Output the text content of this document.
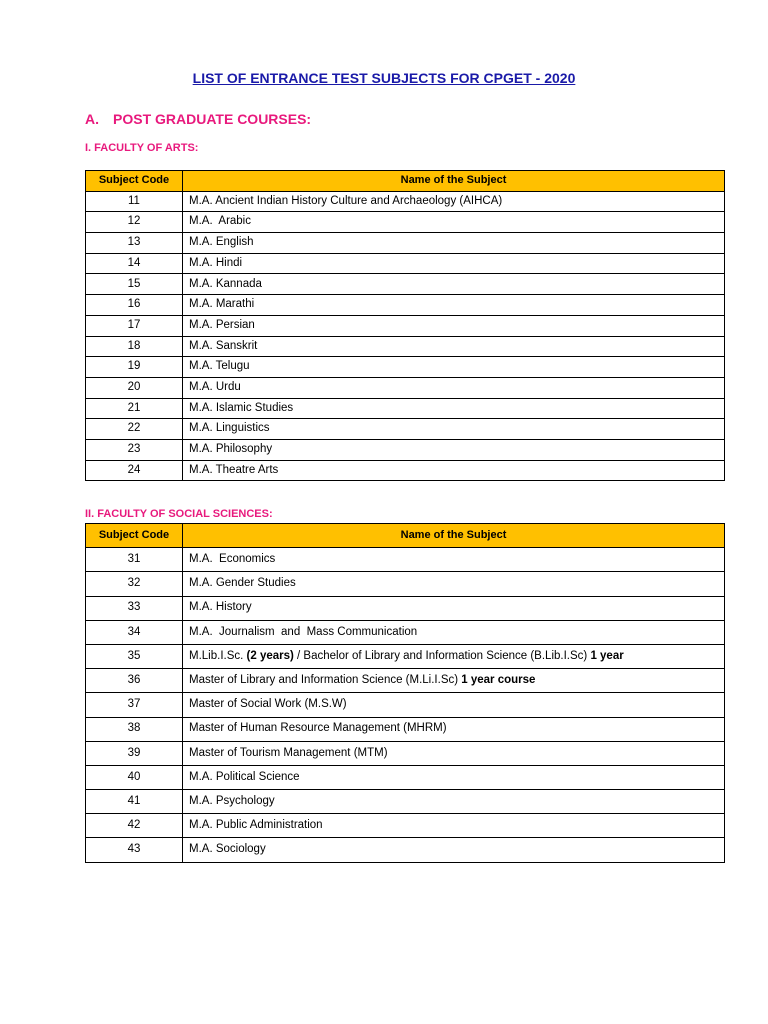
LIST OF ENTRANCE TEST SUBJECTS FOR CPGET - 2020
A. POST GRADUATE COURSES:
I. FACULTY OF ARTS:
Subject Code	Name of the Subject
11	M.A. Ancient Indian History Culture and Archaeology (AIHCA)
12	M.A.  Arabic
13	M.A. English
14	M.A. Hindi
15	M.A. Kannada
16	M.A. Marathi
17	M.A. Persian
18	M.A. Sanskrit
19	M.A. Telugu
20	M.A. Urdu
21	M.A. Islamic Studies
22	M.A. Linguistics
23	M.A. Philosophy
24	M.A. Theatre Arts
II. FACULTY OF SOCIAL SCIENCES:
Subject Code	Name of the Subject
31	M.A.  Economics
32	M.A. Gender Studies
33	M.A. History
34	M.A.  Journalism  and  Mass Communication
35	M.Lib.I.Sc. (2 years) / Bachelor of Library and Information Science (B.Lib.I.Sc) 1 year
36	Master of Library and Information Science (M.Li.I.Sc) 1 year course
37	Master of Social Work (M.S.W)
38	Master of Human Resource Management (MHRM)
39	Master of Tourism Management (MTM)
40	M.A. Political Science
41	M.A. Psychology
42	M.A. Public Administration
43	M.A. Sociology
